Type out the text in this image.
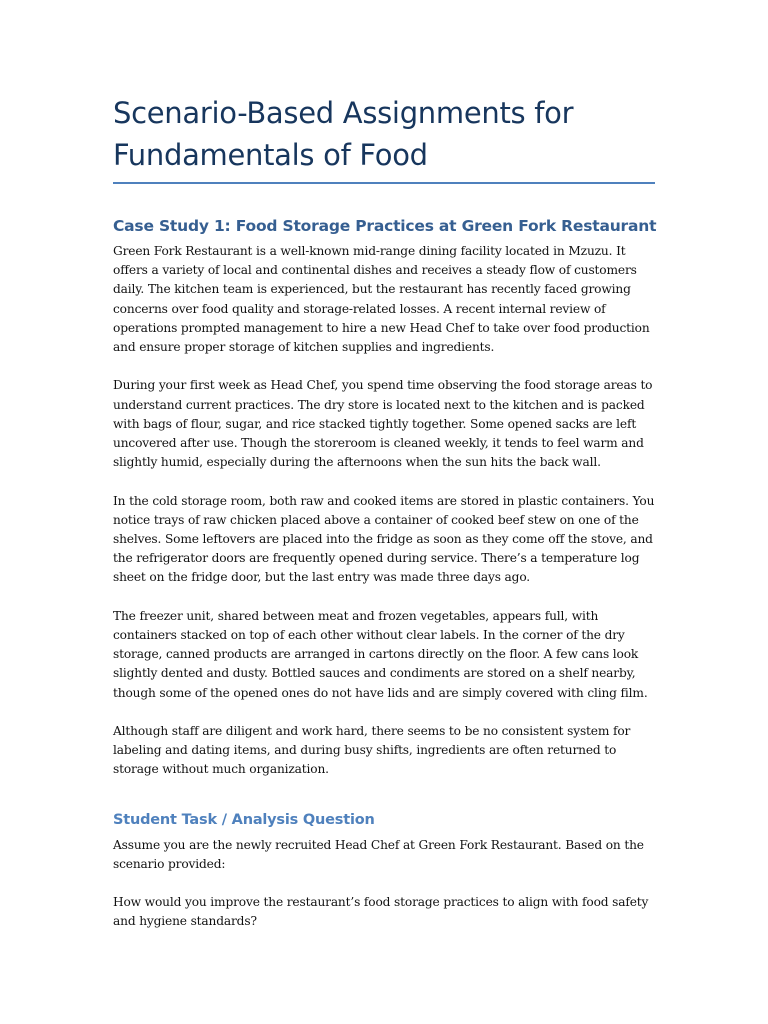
Scenario-Based Assignments for Fundamentals of Food
Case Study 1: Food Storage Practices at Green Fork Restaurant

Green Fork Restaurant is a well-known mid-range dining facility located in Mzuzu. It offers a variety of local and continental dishes and receives a steady flow of customers daily. The kitchen team is experienced, but the restaurant has recently faced growing concerns over food quality and storage-related losses. A recent internal review of operations prompted management to hire a new Head Chef to take over food production and ensure proper storage of kitchen supplies and ingredients.

During your first week as Head Chef, you spend time observing the food storage areas to understand current practices. The dry store is located next to the kitchen and is packed with bags of flour, sugar, and rice stacked tightly together. Some opened sacks are left uncovered after use. Though the storeroom is cleaned weekly, it tends to feel warm and slightly humid, especially during the afternoons when the sun hits the back wall.

In the cold storage room, both raw and cooked items are stored in plastic containers. You notice trays of raw chicken placed above a container of cooked beef stew on one of the shelves. Some leftovers are placed into the fridge as soon as they come off the stove, and the refrigerator doors are frequently opened during service. There’s a temperature log sheet on the fridge door, but the last entry was made three days ago.

The freezer unit, shared between meat and frozen vegetables, appears full, with containers stacked on top of each other without clear labels. In the corner of the dry storage, canned products are arranged in cartons directly on the floor. A few cans look slightly dented and dusty. Bottled sauces and condiments are stored on a shelf nearby, though some of the opened ones do not have lids and are simply covered with cling film.

Although staff are diligent and work hard, there seems to be no consistent system for labeling and dating items, and during busy shifts, ingredients are often returned to storage without much organization.

Student Task / Analysis Question

Assume you are the newly recruited Head Chef at Green Fork Restaurant. Based on the scenario provided:

How would you improve the restaurant’s food storage practices to align with food safety and hygiene standards?
